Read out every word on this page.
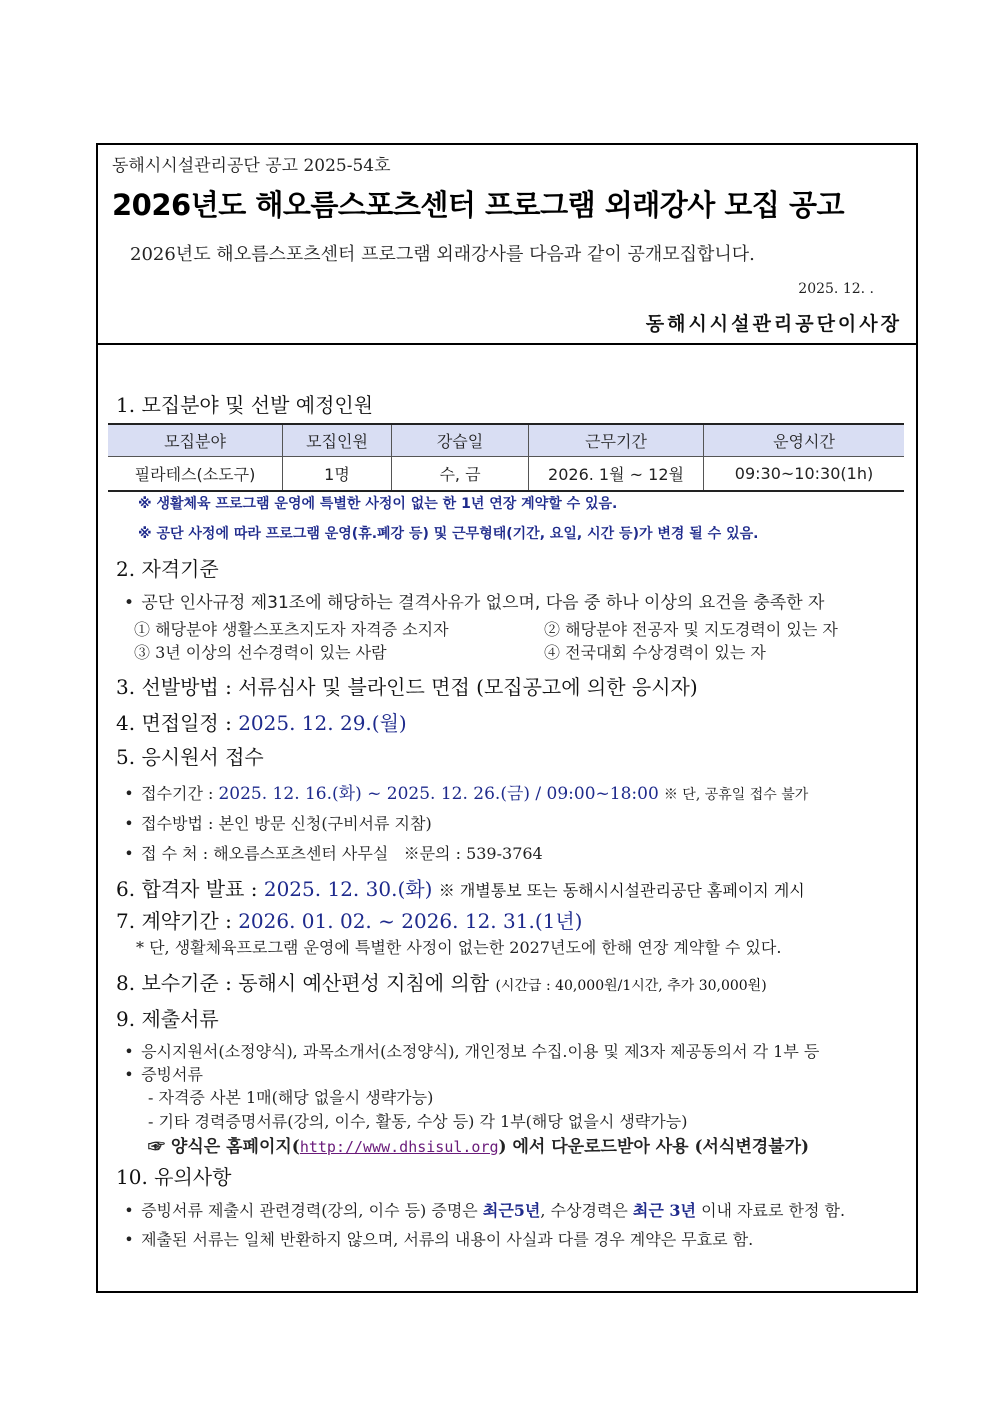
동해시시설관리공단 공고 2025-54호
2026년도 해오름스포츠센터 프로그램 외래강사 모집 공고
2026년도 해오름스포츠센터 프로그램 외래강사를 다음과 같이 공개모집합니다.
2025. 12. .
동해시시설관리공단이사장
1. 모집분야 및 선발 예정인원
모집분야	모집인원	강습일	근무기간	운영시간
필라테스(소도구)	1명	수, 금	2026. 1월 ~ 12월	09:30~10:30(1h)
※ 생활체육 프로그램 운영에 특별한 사정이 없는 한 1년 연장 계약할 수 있음.
※ 공단 사정에 따라 프로그램 운영(휴.폐강 등) 및 근무형태(기간, 요일, 시간 등)가 변경 될 수 있음.
2. 자격기준
• 공단 인사규정 제31조에 해당하는 결격사유가 없으며, 다음 중 하나 이상의 요건을 충족한 자
① 해당분야 생활스포츠지도자 자격증 소지자	② 해당분야 전공자 및 지도경력이 있는 자
③ 3년 이상의 선수경력이 있는 사람	④ 전국대회 수상경력이 있는 자
3. 선발방법 : 서류심사 및 블라인드 면접 (모집공고에 의한 응시자)
4. 면접일정 : 2025. 12. 29.(월)
5. 응시원서 접수
• 접수기간 : 2025. 12. 16.(화) ~ 2025. 12. 26.(금) / 09:00~18:00 ※ 단, 공휴일 접수 불가
• 접수방법 : 본인 방문 신청(구비서류 지참)
• 접 수 처 : 해오름스포츠센터 사무실 ※문의 : 539-3764
6. 합격자 발표 : 2025. 12. 30.(화) ※ 개별통보 또는 동해시시설관리공단 홈페이지 게시
7. 계약기간 : 2026. 01. 02. ~ 2026. 12. 31.(1년)
* 단, 생활체육프로그램 운영에 특별한 사정이 없는한 2027년도에 한해 연장 계약할 수 있다.
8. 보수기준 : 동해시 예산편성 지침에 의함 (시간급 : 40,000원/1시간, 추가 30,000원)
9. 제출서류
• 응시지원서(소정양식), 과목소개서(소정양식), 개인정보 수집.이용 및 제3자 제공동의서 각 1부 등
• 증빙서류
- 자격증 사본 1매(해당 없을시 생략가능)
- 기타 경력증명서류(강의, 이수, 활동, 수상 등) 각 1부(해당 없을시 생략가능)
☞ 양식은 홈페이지(http://www.dhsisul.org) 에서 다운로드받아 사용 (서식변경불가)
10. 유의사항
• 증빙서류 제출시 관련경력(강의, 이수 등) 증명은 최근5년, 수상경력은 최근 3년 이내 자료로 한정 함.
• 제출된 서류는 일체 반환하지 않으며, 서류의 내용이 사실과 다를 경우 계약은 무효로 함.
